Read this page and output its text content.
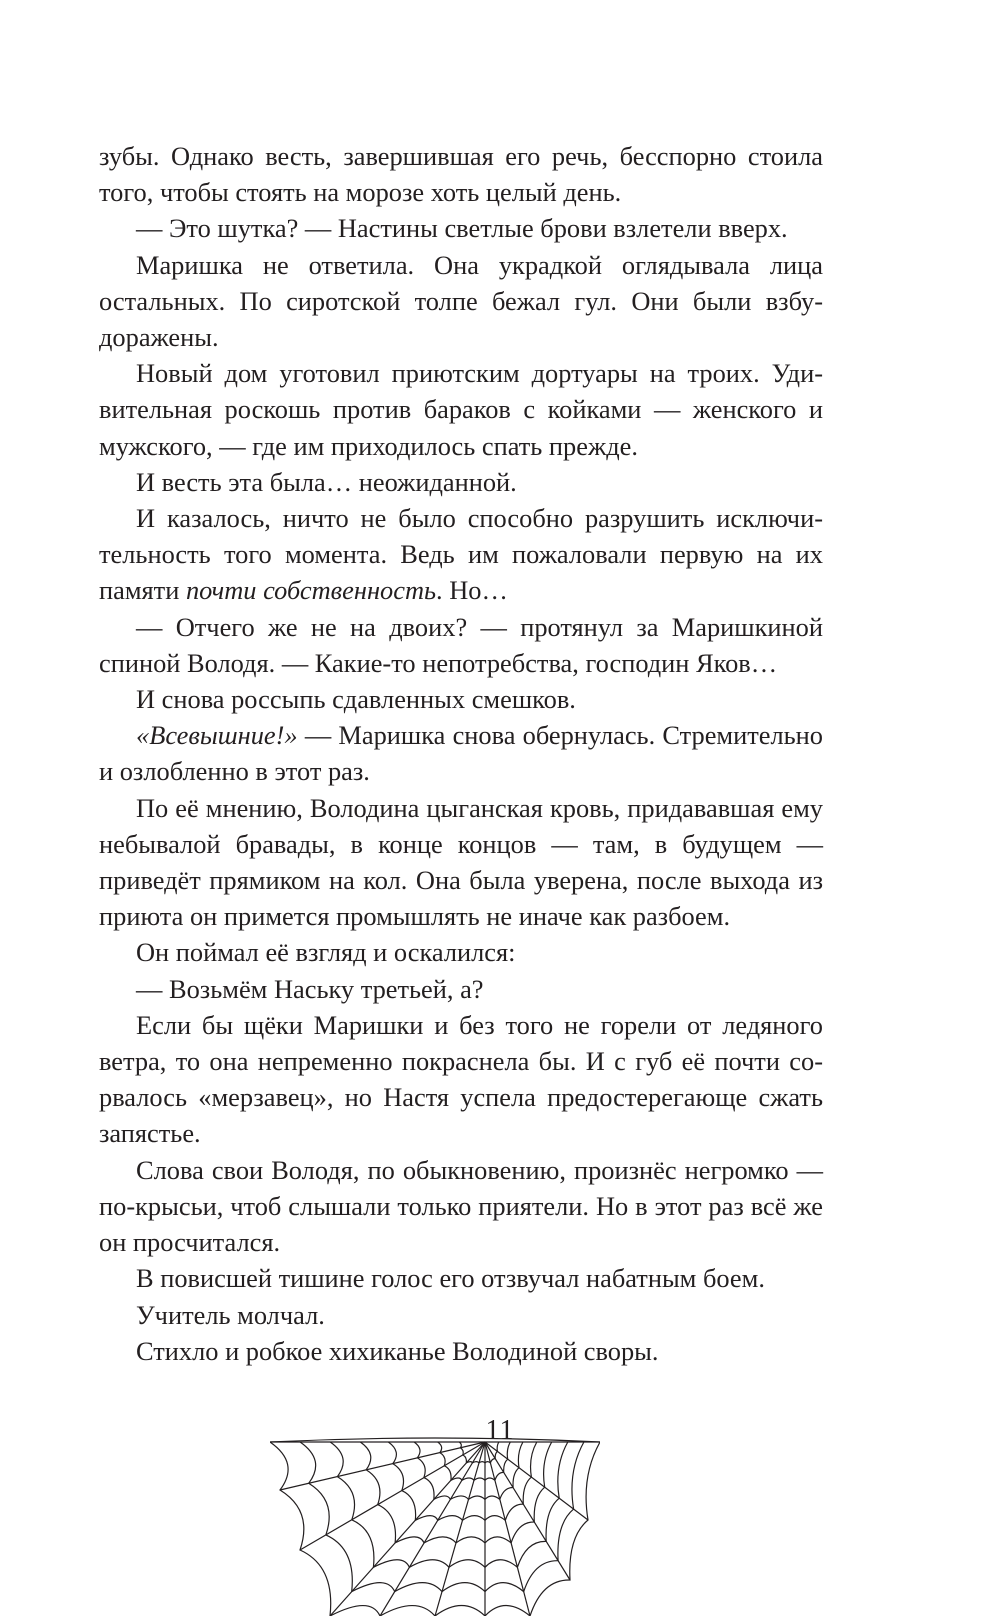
зубы. Однако весть, завершившая его речь, бесспорно стоила того, чтобы стоять на морозе хоть целый день.

— Это шутка? — Настины светлые брови взлетели вверх.

Маришка не ответила. Она украдкой оглядывала лица остальных. По сиротской толпе бежал гул. Они были взбудоражены.

Новый дом уготовил приютским дортуары на троих. Удивительная роскошь против бараков с койками — женского и мужского, — где им приходилось спать прежде.

И весть эта была… неожиданной.

И казалось, ничто не было способно разрушить исключительность того момента. Ведь им пожаловали первую на их памяти почти собственность. Но…

— Отчего же не на двоих? — протянул за Маришкиной спиной Володя. — Какие-то непотребства, господин Яков…

И снова россыпь сдавленных смешков.

«Всевышние!» — Маришка снова обернулась. Стремительно и озлобленно в этот раз.

По её мнению, Володина цыганская кровь, придававшая ему небывалой бравады, в конце концов — там, в будущем — приведёт прямиком на кол. Она была уверена, после выхода из приюта он примется промышлять не иначе как разбоем.

Он поймал её взгляд и оскалился:

— Возьмём Наську третьей, а?

Если бы щёки Маришки и без того не горели от ледяного ветра, то она непременно покраснела бы. И с губ её почти сорвалось «мерзавец», но Настя успела предостерегающе сжать запястье.

Слова свои Володя, по обыкновению, произнёс негромко — по-крысьи, чтоб слышали только приятели. Но в этот раз всё же он просчитался.

В повисшей тишине голос его отзвучал набатным боем.

Учитель молчал.

Стихло и робкое хихиканье Володиной своры.

11
